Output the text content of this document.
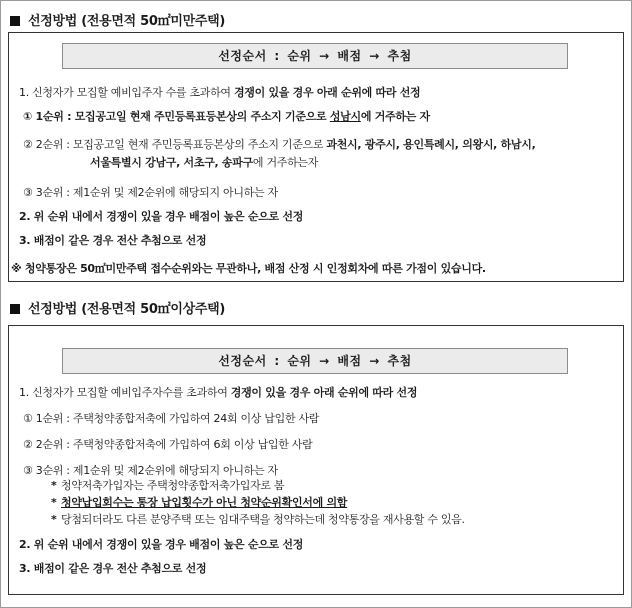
선정방법 (전용면적 50㎡미만주택)
선정순서 : 순위 → 배점 → 추첨
1. 신청자가 모집할 예비입주자 수를 초과하여 경쟁이 있을 경우 아래 순위에 따라 선정
① 1순위 : 모집공고일 현재 주민등록표등본상의 주소지 기준으로 성남시에 거주하는 자
② 2순위 : 모집공고일 현재 주민등록표등본상의 주소지 기준으로 과천시, 광주시, 용인특례시, 의왕시, 하남시,
서울특별시 강남구, 서초구, 송파구에 거주하는자
③ 3순위 : 제1순위 및 제2순위에 해당되지 아니하는 자
2. 위 순위 내에서 경쟁이 있을 경우 배점이 높은 순으로 선정
3. 배점이 같은 경우 전산 추첨으로 선정
※ 청약통장은 50㎡미만주택 접수순위와는 무관하나, 배점 산정 시 인정회차에 따른 가점이 있습니다.
선정방법 (전용면적 50㎡이상주택)
선정순서 : 순위 → 배점 → 추첨
1. 신청자가 모집할 예비입주자수를 초과하여 경쟁이 있을 경우 아래 순위에 따라 선정
① 1순위 : 주택청약종합저축에 가입하여 24회 이상 납입한 사람
② 2순위 : 주택청약종합저축에 가입하여 6회 이상 납입한 사람
③ 3순위 : 제1순위 및 제2순위에 해당되지 아니하는 자
* 청약저축가입자는 주택청약종합저축가입자로 봄
* 청약납입회수는 통장 납입횟수가 아닌 청약순위확인서에 의함
* 당첨되더라도 다른 분양주택 또는 임대주택을 청약하는데 청약통장을 재사용할 수 있음.
2. 위 순위 내에서 경쟁이 있을 경우 배점이 높은 순으로 선정
3. 배점이 같은 경우 전산 추첨으로 선정
